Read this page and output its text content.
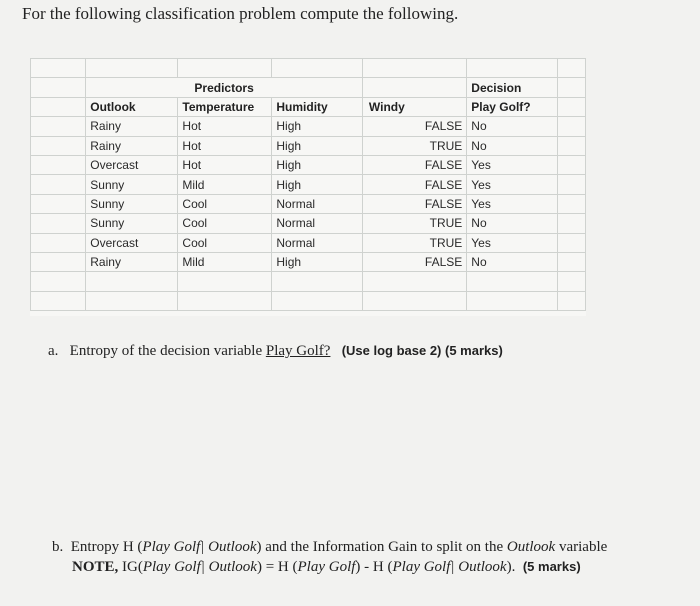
For the following classification problem compute the following.

	Predictors				Decision	
	Outlook	Temperature	Humidity	Windy	Play Golf?	
	Rainy	Hot	High	FALSE	No	
	Rainy	Hot	High	TRUE	No	
	Overcast	Hot	High	FALSE	Yes	
	Sunny	Mild	High	FALSE	Yes	
	Sunny	Cool	Normal	FALSE	Yes	
	Sunny	Cool	Normal	TRUE	No	
	Overcast	Cool	Normal	TRUE	Yes	
	Rainy	Mild	High	FALSE	No	

a. Entropy of the decision variable Play Golf? (Use log base 2) (5 marks)
b. Entropy H (Play Golf| Outlook) and the Information Gain to split on the Outlook variable
NOTE, IG(Play Golf| Outlook) = H (Play Golf) - H (Play Golf| Outlook). (5 marks)
